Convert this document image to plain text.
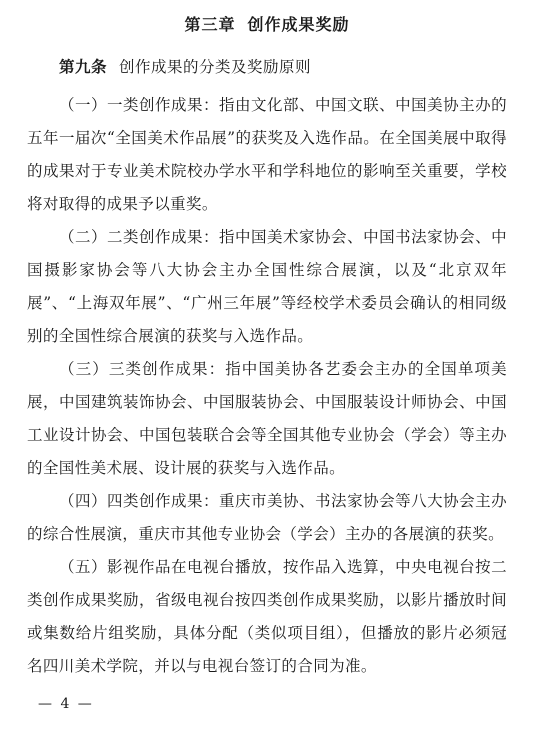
第三章 创作成果奖励
第九条 创作成果的分类及奖励原则

（一）一类创作成果：指由文化部、中国文联、中国美协主办的五年一届次“全国美术作品展”的获奖及入选作品。在全国美展中取得的成果对于专业美术院校办学水平和学科地位的影响至关重要，学校将对取得的成果予以重奖。

（二）二类创作成果：指中国美术家协会、中国书法家协会、中国摄影家协会等八大协会主办全国性综合展演，以及“北京双年展”、“上海双年展”、“广州三年展”等经校学术委员会确认的相同级别的全国性综合展演的获奖与入选作品。

（三）三类创作成果：指中国美协各艺委会主办的全国单项美展，中国建筑装饰协会、中国服装协会、中国服装设计师协会、中国工业设计协会、中国包装联合会等全国其他专业协会（学会）等主办的全国性美术展、设计展的获奖与入选作品。

（四）四类创作成果：重庆市美协、书法家协会等八大协会主办的综合性展演，重庆市其他专业协会（学会）主办的各展演的获奖。

（五）影视作品在电视台播放，按作品入选算，中央电视台按二类创作成果奖励，省级电视台按四类创作成果奖励，以影片播放时间或集数给片组奖励，具体分配（类似项目组），但播放的影片必须冠名四川美术学院，并以与电视台签订的合同为准。

— 4 —
